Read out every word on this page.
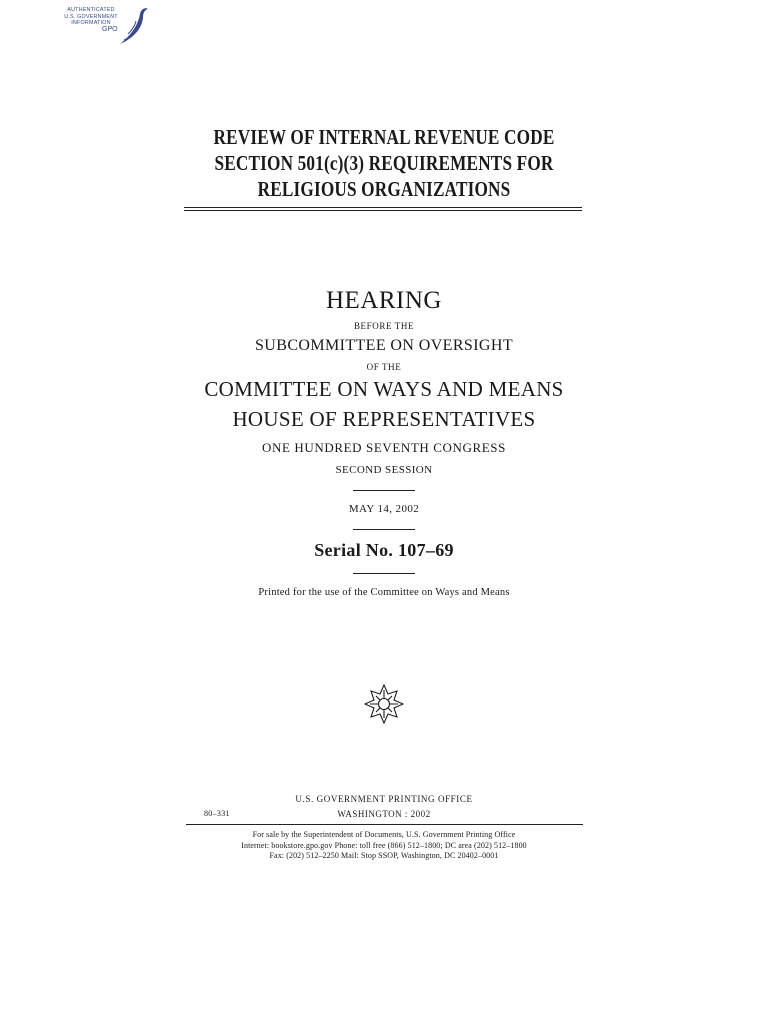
AUTHENTICATED
U.S. GOVERNMENT
INFORMATION
GPO
REVIEW OF INTERNAL REVENUE CODE
SECTION 501(c)(3) REQUIREMENTS FOR
RELIGIOUS ORGANIZATIONS
HEARING
BEFORE THE
SUBCOMMITTEE ON OVERSIGHT
OF THE
COMMITTEE ON WAYS AND MEANS
HOUSE OF REPRESENTATIVES
ONE HUNDRED SEVENTH CONGRESS
SECOND SESSION
MAY 14, 2002
Serial No. 107–69
Printed for the use of the Committee on Ways and Means
U.S. GOVERNMENT PRINTING OFFICE
80–331	WASHINGTON : 2002
For sale by the Superintendent of Documents, U.S. Government Printing Office
Internet: bookstore.gpo.gov Phone: toll free (866) 512–1800; DC area (202) 512–1800
Fax: (202) 512–2250 Mail: Stop SSOP, Washington, DC 20402–0001
